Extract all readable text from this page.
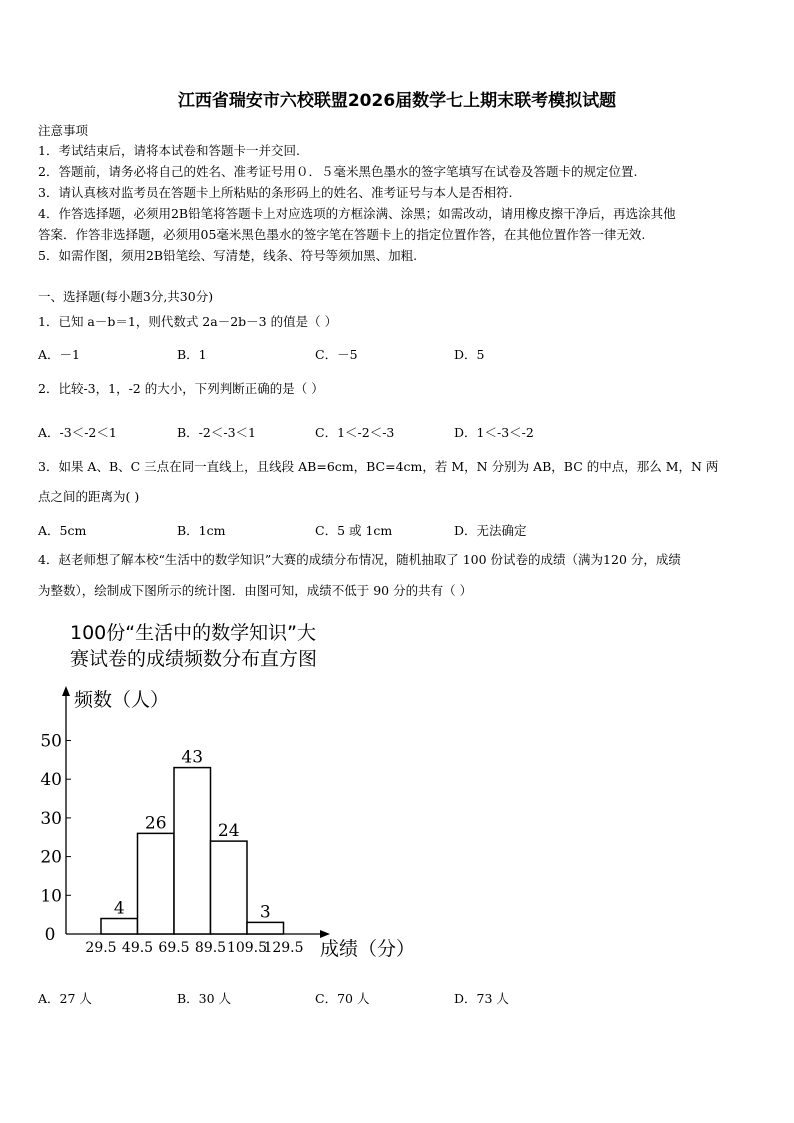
江西省瑞安市六校联盟2026届数学七上期末联考模拟试题
注意事项
1．考试结束后，请将本试卷和答题卡一并交回.
2．答题前，请务必将自己的姓名、准考证号用０．５毫米黑色墨水的签字笔填写在试卷及答题卡的规定位置.
3．请认真核对监考员在答题卡上所粘贴的条形码上的姓名、准考证号与本人是否相符.
4．作答选择题，必须用2B铅笔将答题卡上对应选项的方框涂满、涂黑；如需改动，请用橡皮擦干净后，再选涂其他
答案．作答非选择题，必须用05毫米黑色墨水的签字笔在答题卡上的指定位置作答，在其他位置作答一律无效.
5．如需作图，须用2B铅笔绘、写清楚，线条、符号等须加黑、加粗.
一、选择题(每小题3分,共30分)
1．已知 a－b＝1，则代数式 2a－2b－3 的值是（ ）
A．－1	B．1	C．－5	D．5
2．比较-3，1，-2 的大小，下列判断正确的是（ ）
A．-3＜-2＜1	B．-2＜-3＜1	C．1＜-2＜-3	D．1＜-3＜-2
3．如果 A、B、C 三点在同一直线上，且线段 AB=6cm，BC=4cm，若 M，N 分别为 AB，BC 的中点，那么 M，N 两
点之间的距离为( )
A．5cm	B．1cm	C．5 或 1cm	D．无法确定
4．赵老师想了解本校“生活中的数学知识”大赛的成绩分布情况，随机抽取了 100 份试卷的成绩（满为120 分，成绩
为整数），绘制成下图所示的统计图．由图可知，成绩不低于 90 分的共有（ ）
100份“生活中的数学知识”大
赛试卷的成绩频数分布直方图
频数（人）
成绩（分）
0
4
26
43
24
3
10
20
30
40
50
29.5 49.5 69.5 89.5 109.5
129.5
A．27 人	B．30 人	C．70 人	D．73 人
